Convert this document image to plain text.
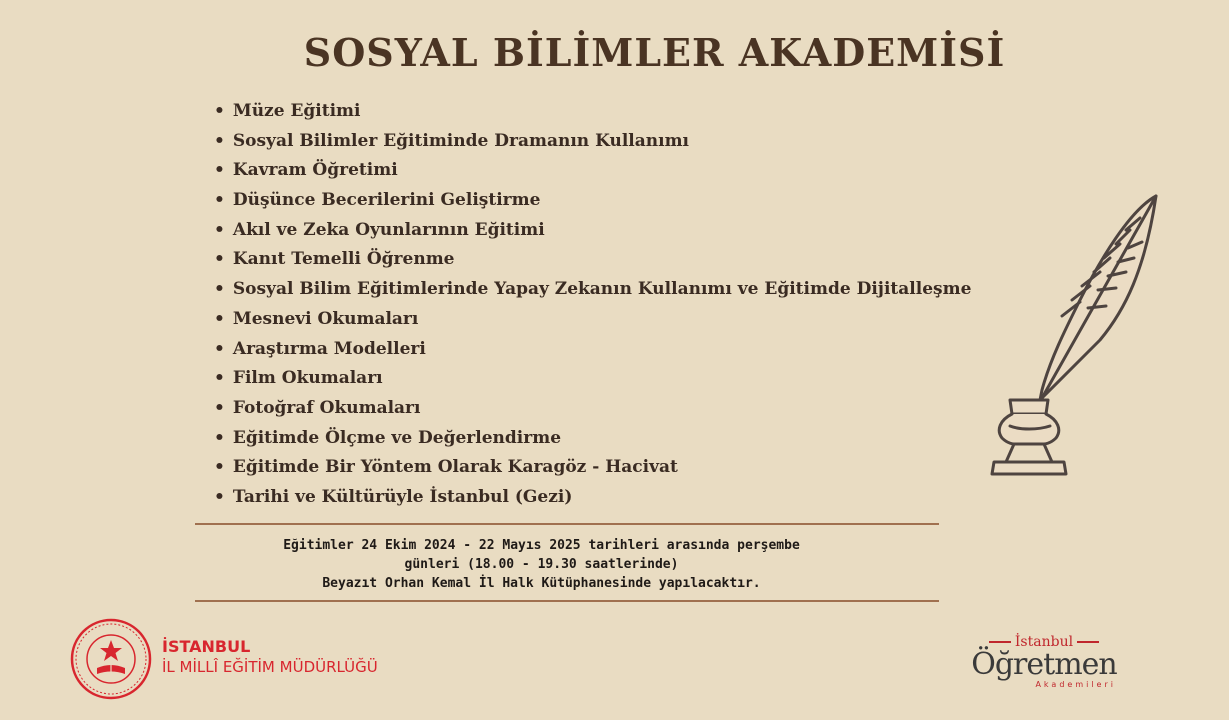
SOSYAL BİLİMLER AKADEMİSİ
• Müze Eğitimi
• Sosyal Bilimler Eğitiminde Dramanın Kullanımı
• Kavram Öğretimi
• Düşünce Becerilerini Geliştirme
• Akıl ve Zeka Oyunlarının Eğitimi
• Kanıt Temelli Öğrenme
• Sosyal Bilim Eğitimlerinde Yapay Zekanın Kullanımı ve Eğitimde Dijitalleşme
• Mesnevi Okumaları
• Araştırma Modelleri
• Film Okumaları
• Fotoğraf Okumaları
• Eğitimde Ölçme ve Değerlendirme
• Eğitimde Bir Yöntem Olarak Karagöz - Hacivat
• Tarihi ve Kültürüyle İstanbul (Gezi)
Eğitimler 24 Ekim 2024 - 22 Mayıs 2025 tarihleri arasında perşembe
günleri (18.00 - 19.30 saatlerinde)
Beyazıt Orhan Kemal İl Halk Kütüphanesinde yapılacaktır.
İSTANBUL
İL MİLLÎ EĞİTİM MÜDÜRLÜĞÜ
İstanbul
Öğretmen
Akademileri
